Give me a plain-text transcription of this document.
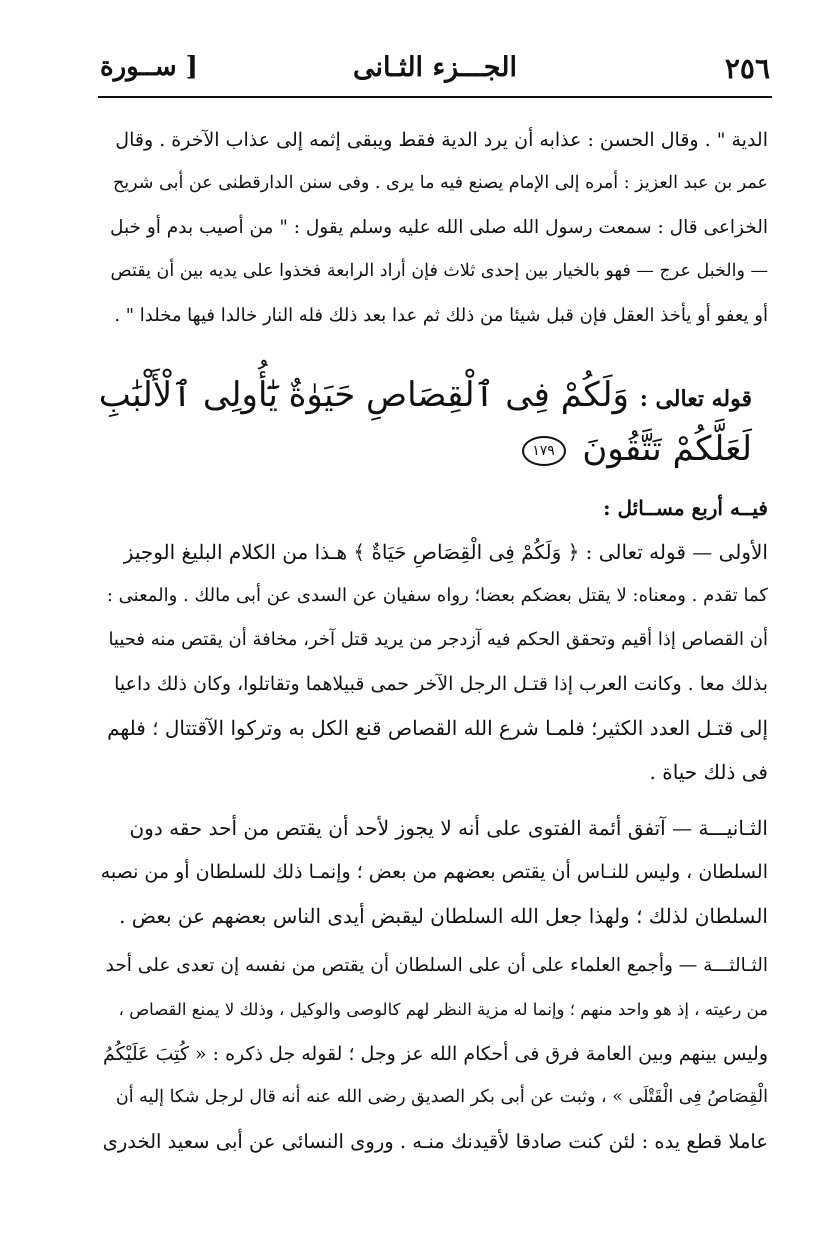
٢٥٦
الجـــزء الثـانى
[ ســورة
الدية " . وقال الحسن : عذابه أن يرد الدية فقط ويبقى إثمه إلى عذاب الآخرة . وقال
عمر بن عبد العزيز : أمره إلى الإمام يصنع فيه ما يرى . وفى سنن الدارقطنى عن أبى شريح
الخزاعى قال : سمعت رسول الله صلى الله عليه وسلم يقول : " من أصيب بدم أو خبل
— والخبل عرج — فهو بالخيار بين إحدى ثلاث فإن أراد الرابعة فخذوا على يديه بين أن يقتص
أو يعفو أو يأخذ العقل فإن قبل شيئا من ذلك ثم عدا بعد ذلك فله النار خالدا فيها مخلدا " .
قوله تعالى : وَلَكُمْ فِى ٱلْقِصَاصِ حَيَوٰةٌ يَٰٓأُولِى ٱلْأَلْبَٰبِ لَعَلَّكُمْ تَتَّقُونَ ١٧٩
فيــه أربع مســائل :
الأولى — قوله تعالى : ﴿ وَلَكُمْ فِى الْقِصَاصِ حَيَاةٌ ﴾ هـذا من الكلام البليغ الوجيز
كما تقدم . ومعناه: لا يقتل بعضكم بعضا؛ رواه سفيان عن السدى عن أبى مالك . والمعنى :
أن القصاص إذا أقيم وتحقق الحكم فيه آزدجر من يريد قتل آخر، مخافة أن يقتص منه فحييا
بذلك معا . وكانت العرب إذا قتـل الرجل الآخر حمى قبيلاهما وتقاتلوا، وكان ذلك داعيا
إلى قتـل العدد الكثير؛ فلمـا شرع الله القصاص قنع الكل به وتركوا الآقتتال ؛ فلهم
فى ذلك حياة .
الثـانيـــة — آتفق أئمة الفتوى على أنه لا يجوز لأحد أن يقتص من أحد حقه دون
السلطان ، وليس للنـاس أن يقتص بعضهم من بعض ؛ وإنمـا ذلك للسلطان أو من نصبه
السلطان لذلك ؛ ولهذا جعل الله السلطان ليقبض أيدى الناس بعضهم عن بعض .
الثـالثـــة — وأجمع العلماء على أن على السلطان أن يقتص من نفسه إن تعدى على أحد
من رعيته ، إذ هو واحد منهم ؛ وإنما له مزية النظر لهم كالوصى والوكيل ، وذلك لا يمنع القصاص ،
وليس بينهم وبين العامة فرق فى أحكام الله عز وجل ؛ لقوله جل ذكره : « كُتِبَ عَلَيْكُمُ
الْقِصَاصُ فِى الْقَتْلَى » ، وثبت عن أبى بكر الصديق رضى الله عنه أنه قال لرجل شكا إليه أن
عاملا قطع يده : لئن كنت صادقا لأقيدنك منـه . وروى النسائى عن أبى سعيد الخدرى
